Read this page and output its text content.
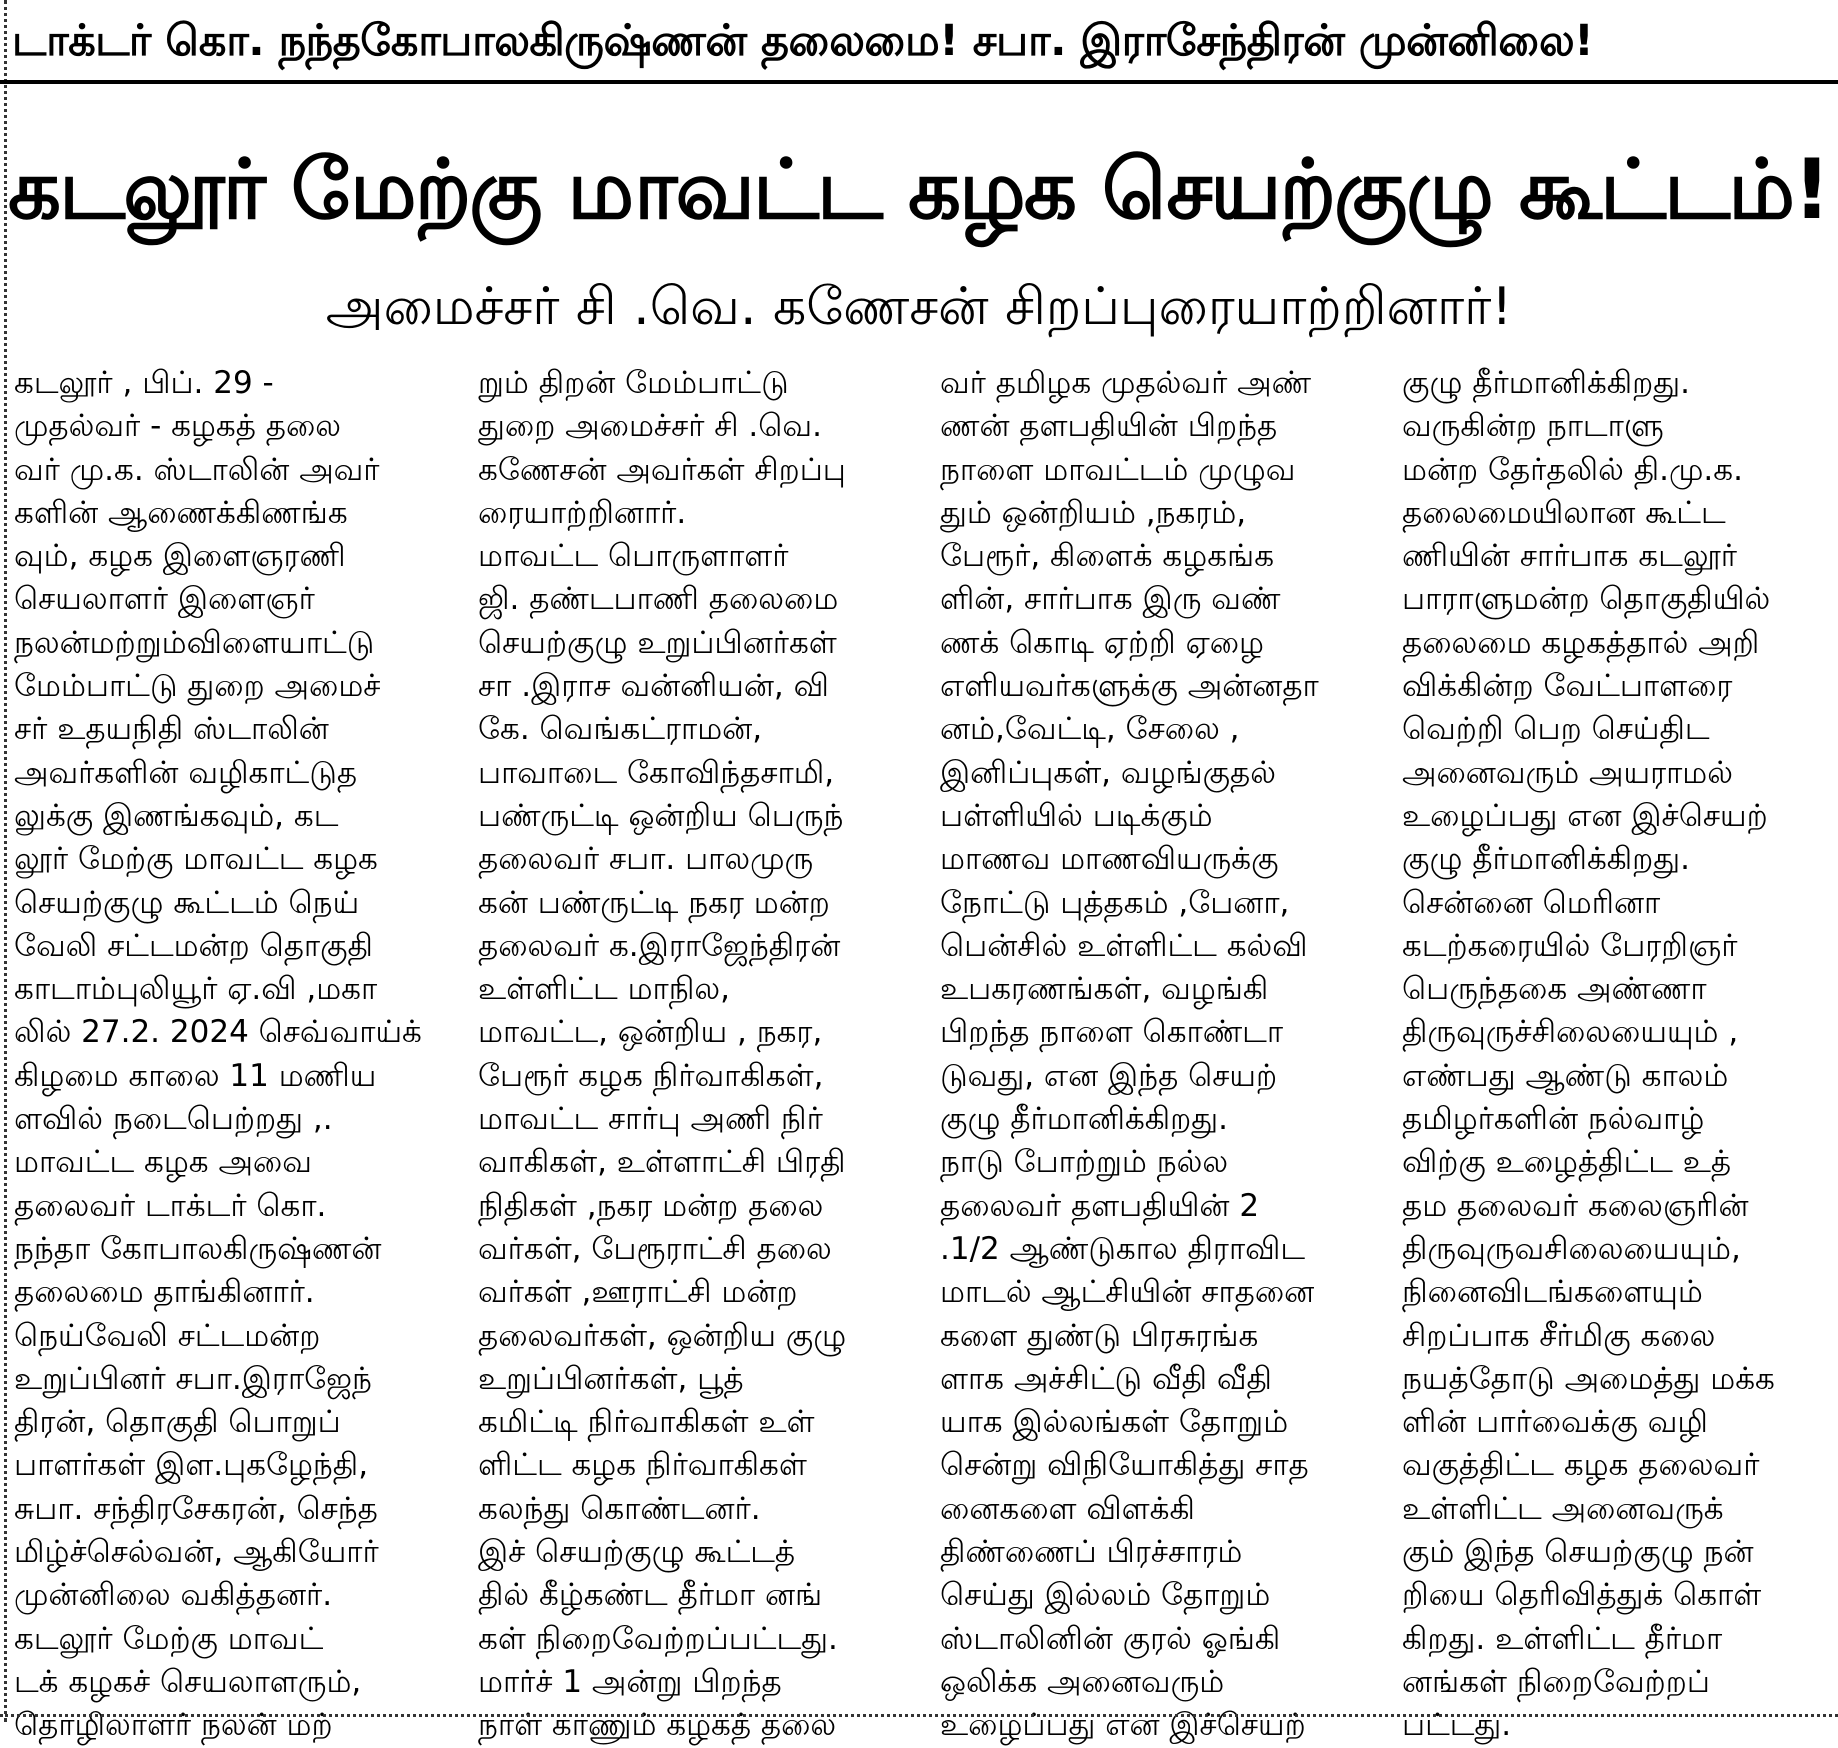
டாக்டர் கொ. நந்தகோபாலகிருஷ்ணன் தலைமை! சபா. இராசேந்திரன் முன்னிலை!
கடலூர் மேற்கு மாவட்ட கழக செயற்குழு கூட்டம்!
அமைச்சர் சி .வெ. கணேசன் சிறப்புரையாற்றினார்!
கடலூர் , பிப். 29 -
முதல்வர் - கழகத் தலை
வர் மு.க. ஸ்டாலின் அவர்
களின் ஆணைக்கிணங்க
வும், கழக இளைஞரணி
செயலாளர் இளைஞர்
நலன்மற்றும்விளையாட்டு
மேம்பாட்டு துறை அமைச்
சர் உதயநிதி ஸ்டாலின்
அவர்களின் வழிகாட்டுத
லுக்கு இணங்கவும், கட
லூர் மேற்கு மாவட்ட கழக
செயற்குழு கூட்டம் நெய்
வேலி சட்டமன்ற தொகுதி
காடாம்புலியூர் ஏ.வி ,மகா
லில் 27.2. 2024 செவ்வாய்க்
கிழமை காலை 11 மணிய
ளவில் நடைபெற்றது ,.
மாவட்ட கழக அவை
தலைவர் டாக்டர் கொ.
நந்தா கோபாலகிருஷ்ணன்
தலைமை தாங்கினார்.
நெய்வேலி சட்டமன்ற
உறுப்பினர் சபா.இராஜேந்
திரன், தொகுதி பொறுப்
பாளர்கள் இள.புகழேந்தி,
சுபா. சந்திரசேகரன், செந்த
மிழ்ச்செல்வன், ஆகியோர்
முன்னிலை வகித்தனர்.
கடலூர் மேற்கு மாவட்
டக் கழகச் செயலாளரும்,
தொழிலாளர் நலன் மற்
றும் திறன் மேம்பாட்டு
துறை அமைச்சர் சி .வெ.
கணேசன் அவர்கள் சிறப்பு
ரையாற்றினார்.
மாவட்ட பொருளாளர்
ஜி. தண்டபாணி தலைமை
செயற்குழு உறுப்பினர்கள்
சா .இராச வன்னியன், வி
கே. வெங்கட்ராமன்,
பாவாடை கோவிந்தசாமி,
பண்ருட்டி ஒன்றிய பெருந்
தலைவர் சபா. பாலமுரு
கன் பண்ருட்டி நகர மன்ற
தலைவர் க.இராஜேந்திரன்
உள்ளிட்ட மாநில,
மாவட்ட, ஒன்றிய , நகர,
பேரூர் கழக நிர்வாகிகள்,
மாவட்ட சார்பு அணி நிர்
வாகிகள், உள்ளாட்சி பிரதி
நிதிகள் ,நகர மன்ற தலை
வர்கள், பேரூராட்சி தலை
வர்கள் ,ஊராட்சி மன்ற
தலைவர்கள், ஒன்றிய குழு
உறுப்பினர்கள், பூத்
கமிட்டி நிர்வாகிகள் உள்
ளிட்ட கழக நிர்வாகிகள்
கலந்து கொண்டனர்.
இச் செயற்குழு கூட்டத்
தில் கீழ்கண்ட தீர்மா னங்
கள் நிறைவேற்றப்பட்டது.
மார்ச் 1 அன்று பிறந்த
நாள் காணும் கழகத் தலை
வர் தமிழக முதல்வர் அண்
ணன் தளபதியின் பிறந்த
நாளை மாவட்டம் முழுவ
தும் ஒன்றியம் ,நகரம்,
பேரூர், கிளைக் கழகங்க
ளின், சார்பாக இரு வண்
ணக் கொடி ஏற்றி ஏழை
எளியவர்களுக்கு அன்னதா
னம்,வேட்டி, சேலை ,
இனிப்புகள், வழங்குதல்
பள்ளியில் படிக்கும்
மாணவ மாணவியருக்கு
நோட்டு புத்தகம் ,பேனா,
பென்சில் உள்ளிட்ட கல்வி
உபகரணங்கள், வழங்கி
பிறந்த நாளை கொண்டா
டுவது, என இந்த செயற்
குழு தீர்மானிக்கிறது.
நாடு போற்றும் நல்ல
தலைவர் தளபதியின் 2
.1/2 ஆண்டுகால திராவிட
மாடல் ஆட்சியின் சாதனை
களை துண்டு பிரசுரங்க
ளாக அச்சிட்டு வீதி வீதி
யாக இல்லங்கள் தோறும்
சென்று விநியோகித்து சாத
னைகளை விளக்கி
திண்ணைப் பிரச்சாரம்
செய்து இல்லம் தோறும்
ஸ்டாலினின் குரல் ஓங்கி
ஒலிக்க அனைவரும்
உழைப்பது என இச்செயற்
குழு தீர்மானிக்கிறது.
வருகின்ற நாடாளு
மன்ற தேர்தலில் தி.மு.க.
தலைமையிலான கூட்ட
ணியின் சார்பாக கடலூர்
பாராளுமன்ற தொகுதியில்
தலைமை கழகத்தால் அறி
விக்கின்ற வேட்பாளரை
வெற்றி பெற செய்திட
அனைவரும் அயராமல்
உழைப்பது என இச்செயற்
குழு தீர்மானிக்கிறது.
சென்னை மெரினா
கடற்கரையில் பேரறிஞர்
பெருந்தகை அண்ணா
திருவுருச்சிலையையும் ,
எண்பது ஆண்டு காலம்
தமிழர்களின் நல்வாழ்
விற்கு உழைத்திட்ட உத்
தம தலைவர் கலைஞரின்
திருவுருவசிலையையும்,
நினைவிடங்களையும்
சிறப்பாக சீர்மிகு கலை
நயத்தோடு அமைத்து மக்க
ளின் பார்வைக்கு வழி
வகுத்திட்ட கழக தலைவர்
உள்ளிட்ட அனைவருக்
கும் இந்த செயற்குழு நன்
றியை தெரிவித்துக் கொள்
கிறது. உள்ளிட்ட தீர்மா
னங்கள் நிறைவேற்றப்
பட்டது.
